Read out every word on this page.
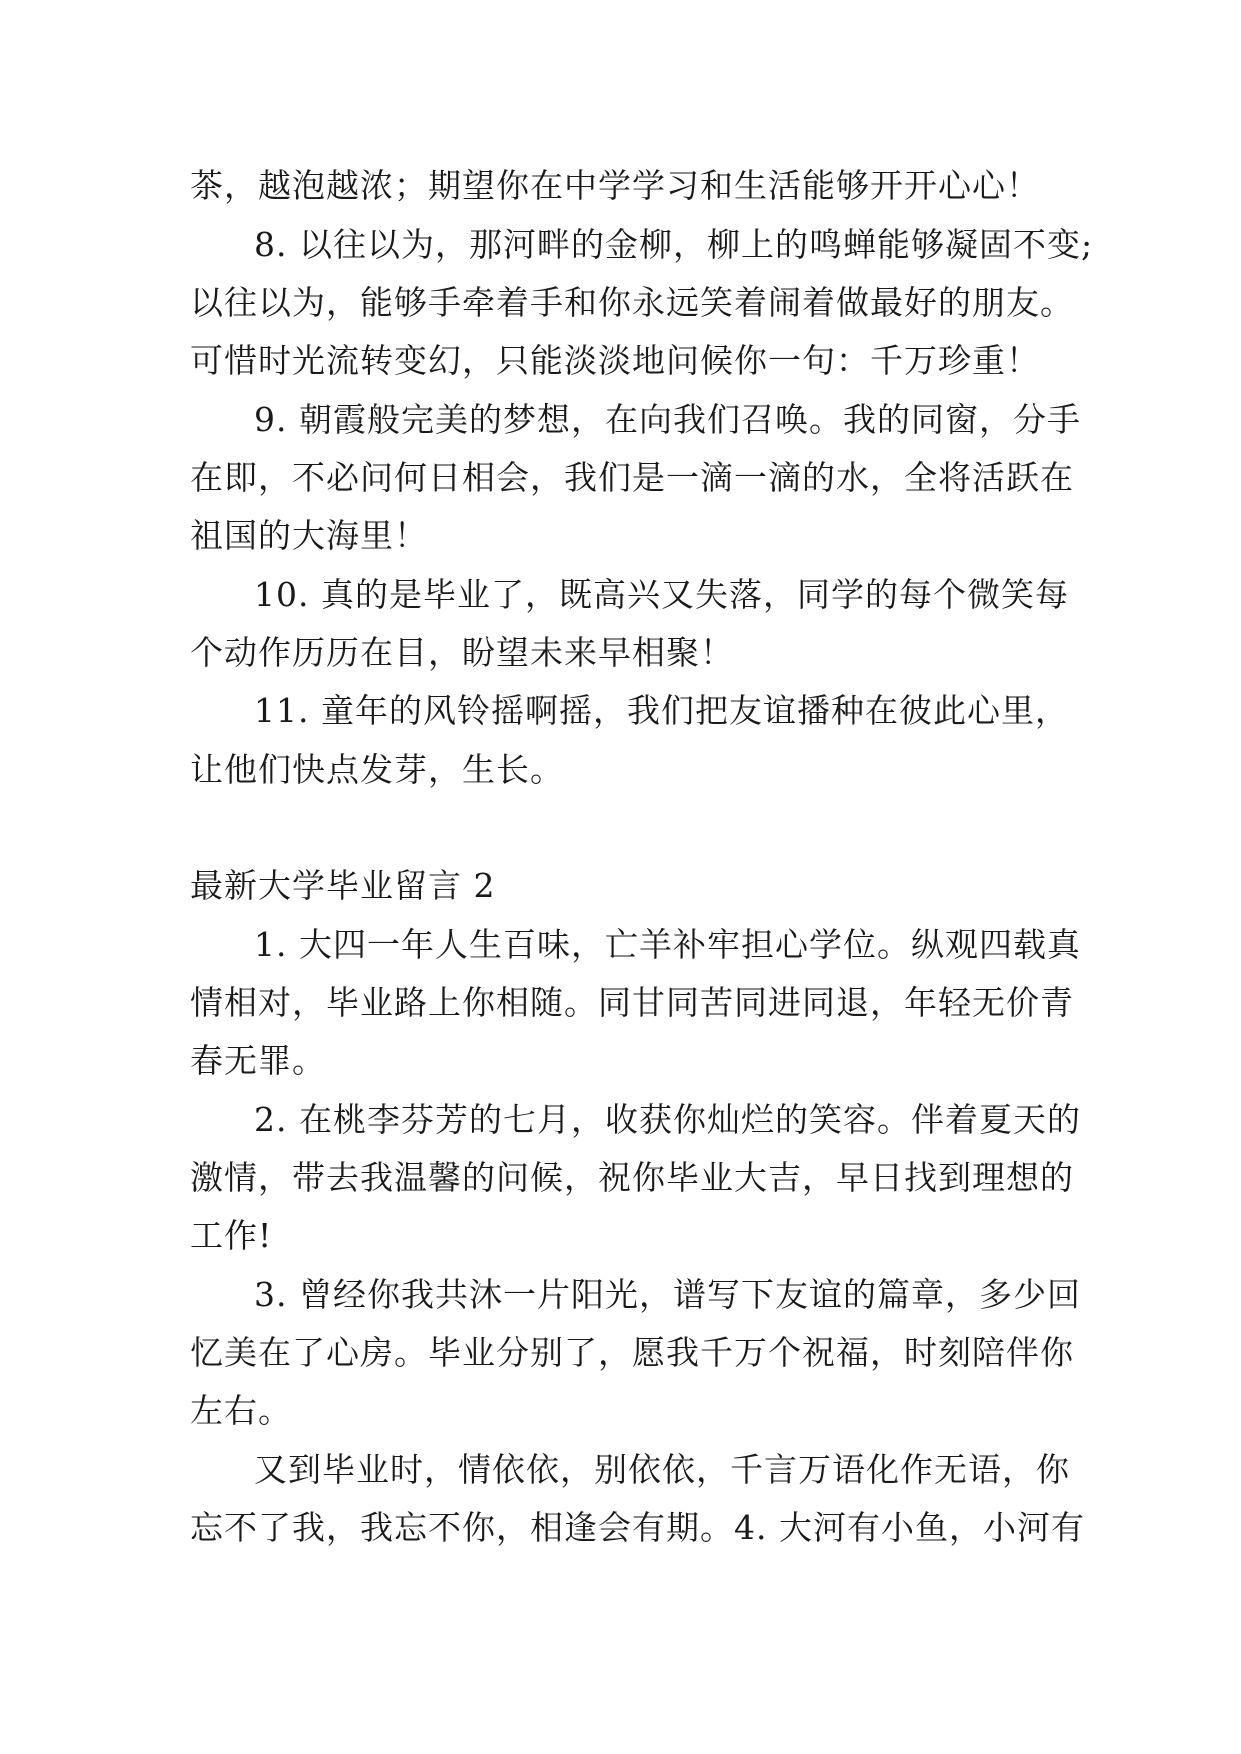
茶，越泡越浓；期望你在中学学习和生活能够开开心心！
8. 以往以为，那河畔的金柳，柳上的鸣蝉能够凝固不变;
以往以为，能够手牵着手和你永远笑着闹着做最好的朋友。
可惜时光流转变幻，只能淡淡地问候你一句：千万珍重！
9. 朝霞般完美的梦想，在向我们召唤。我的同窗，分手
在即，不必问何日相会，我们是一滴一滴的水，全将活跃在
祖国的大海里！
10. 真的是毕业了，既高兴又失落，同学的每个微笑每
个动作历历在目，盼望未来早相聚！
11. 童年的风铃摇啊摇，我们把友谊播种在彼此心里，
让他们快点发芽，生长。
最新大学毕业留言 2
1. 大四一年人生百味，亡羊补牢担心学位。纵观四载真
情相对，毕业路上你相随。同甘同苦同进同退，年轻无价青
春无罪。
2. 在桃李芬芳的七月，收获你灿烂的笑容。伴着夏天的
激情，带去我温馨的问候，祝你毕业大吉，早日找到理想的
工作!
3. 曾经你我共沐一片阳光，谱写下友谊的篇章，多少回
忆美在了心房。毕业分别了，愿我千万个祝福，时刻陪伴你
左右。
又到毕业时，情依依，别依依，千言万语化作无语，你
忘不了我，我忘不你，相逢会有期。4. 大河有小鱼，小河有
